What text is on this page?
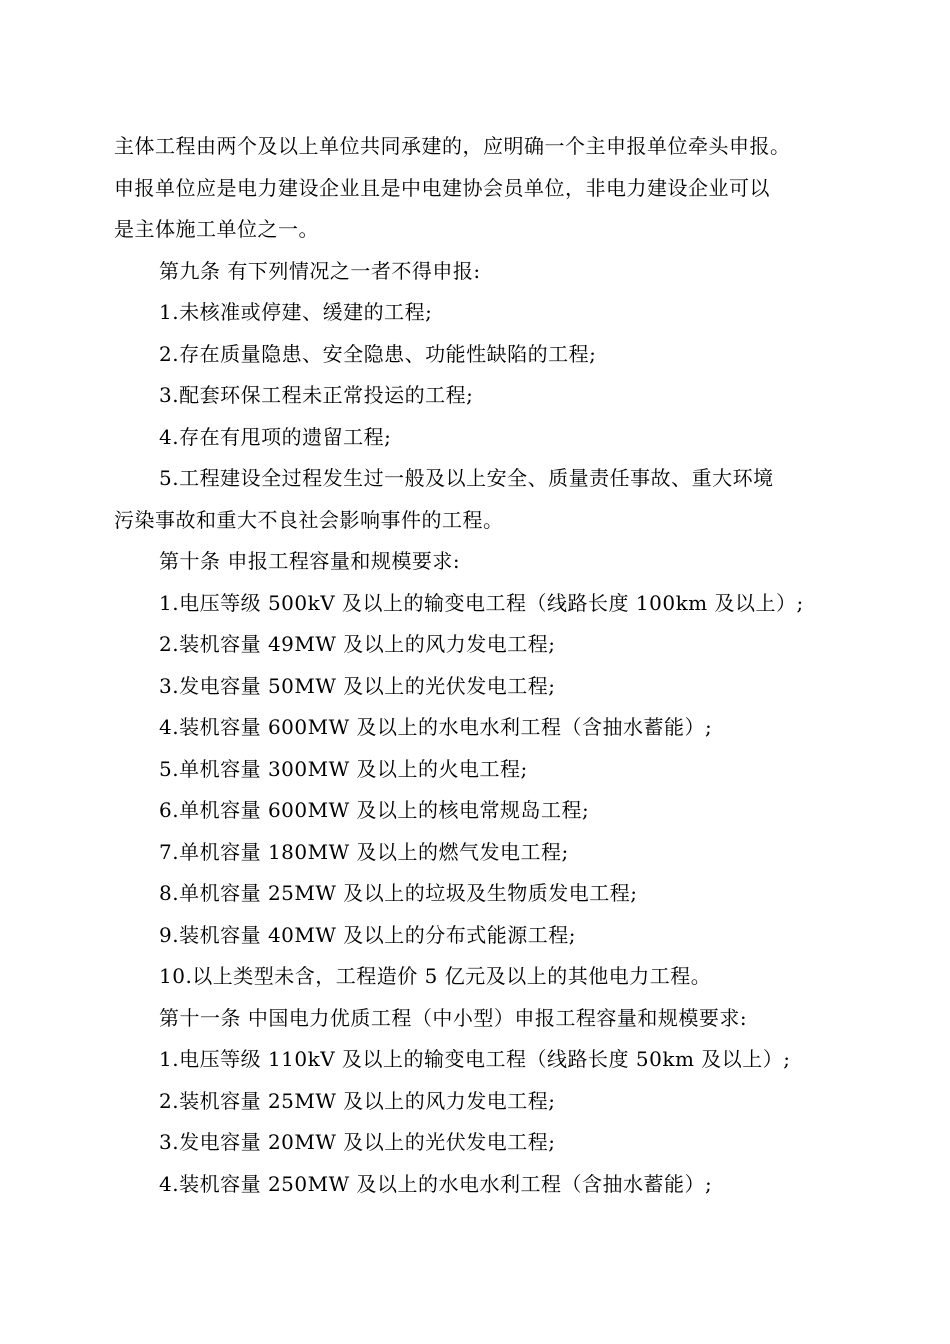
主体工程由两个及以上单位共同承建的，应明确一个主申报单位牵头申报。
申报单位应是电力建设企业且是中电建协会员单位，非电力建设企业可以
是主体施工单位之一。
第九条 有下列情况之一者不得申报:
1.未核准或停建、缓建的工程;
2.存在质量隐患、安全隐患、功能性缺陷的工程;
3.配套环保工程未正常投运的工程;
4.存在有甩项的遗留工程;
5.工程建设全过程发生过一般及以上安全、质量责任事故、重大环境
污染事故和重大不良社会影响事件的工程。
第十条 申报工程容量和规模要求:
1.电压等级 500kV 及以上的输变电工程（线路长度 100km 及以上）;
2.装机容量 49MW 及以上的风力发电工程;
3.发电容量 50MW 及以上的光伏发电工程;
4.装机容量 600MW 及以上的水电水利工程（含抽水蓄能）;
5.单机容量 300MW 及以上的火电工程;
6.单机容量 600MW 及以上的核电常规岛工程;
7.单机容量 180MW 及以上的燃气发电工程;
8.单机容量 25MW 及以上的垃圾及生物质发电工程;
9.装机容量 40MW 及以上的分布式能源工程;
10.以上类型未含，工程造价 5 亿元及以上的其他电力工程。
第十一条 中国电力优质工程（中小型）申报工程容量和规模要求:
1.电压等级 110kV 及以上的输变电工程（线路长度 50km 及以上）;
2.装机容量 25MW 及以上的风力发电工程;
3.发电容量 20MW 及以上的光伏发电工程;
4.装机容量 250MW 及以上的水电水利工程（含抽水蓄能）;
